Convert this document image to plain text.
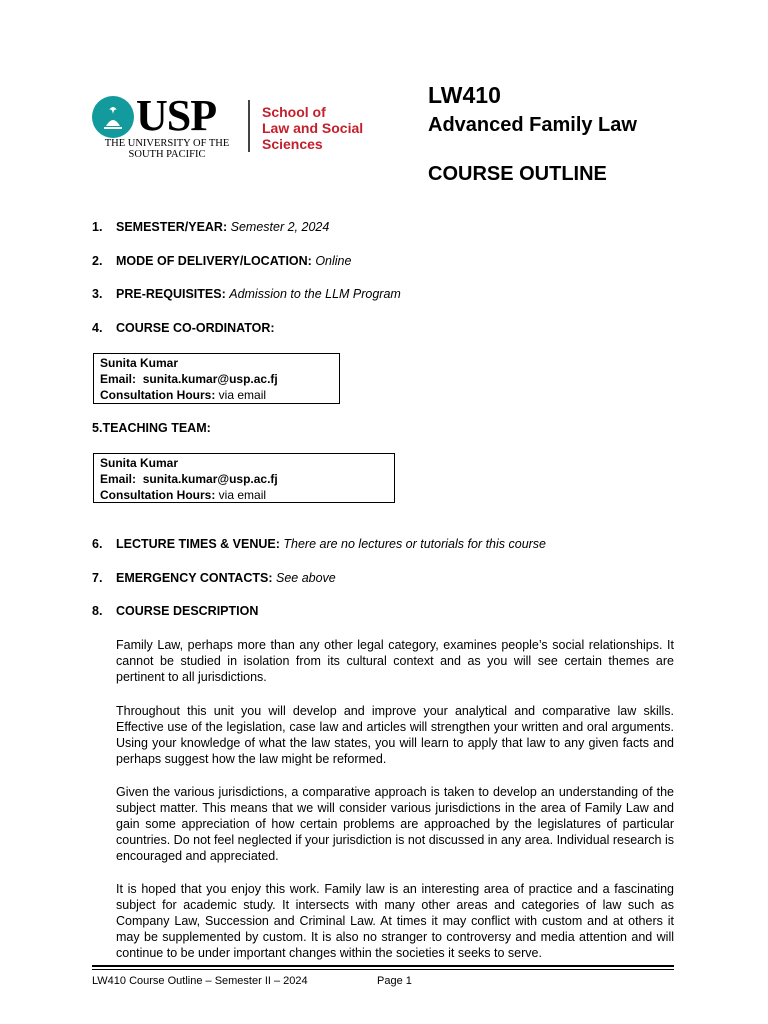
USP
THE UNIVERSITY OF THE SOUTH PACIFIC
School of
Law and Social
Sciences
LW410
Advanced Family Law
COURSE OUTLINE
1. SEMESTER/YEAR: Semester 2, 2024
2. MODE OF DELIVERY/LOCATION: Online
3. PRE-REQUISITES: Admission to the LLM Program
4. COURSE CO-ORDINATOR:
Sunita Kumar
Email: sunita.kumar@usp.ac.fj
Consultation Hours: via email
5.TEACHING TEAM:
Sunita Kumar
Email: sunita.kumar@usp.ac.fj
Consultation Hours: via email
6. LECTURE TIMES & VENUE: There are no lectures or tutorials for this course
7. EMERGENCY CONTACTS: See above
8. COURSE DESCRIPTION
Family Law, perhaps more than any other legal category, examines people’s social relationships. It cannot be studied in isolation from its cultural context and as you will see certain themes are pertinent to all jurisdictions.
Throughout this unit you will develop and improve your analytical and comparative law skills. Effective use of the legislation, case law and articles will strengthen your written and oral arguments. Using your knowledge of what the law states, you will learn to apply that law to any given facts and perhaps suggest how the law might be reformed.
Given the various jurisdictions, a comparative approach is taken to develop an understanding of the subject matter. This means that we will consider various jurisdictions in the area of Family Law and gain some appreciation of how certain problems are approached by the legislatures of particular countries. Do not feel neglected if your jurisdiction is not discussed in any area. Individual research is encouraged and appreciated.
It is hoped that you enjoy this work. Family law is an interesting area of practice and a fascinating subject for academic study. It intersects with many other areas and categories of law such as Company Law, Succession and Criminal Law. At times it may conflict with custom and at others it may be supplemented by custom. It is also no stranger to controversy and media attention and will continue to be under important changes within the societies it seeks to serve.
LW410 Course Outline – Semester II – 2024	Page 1
